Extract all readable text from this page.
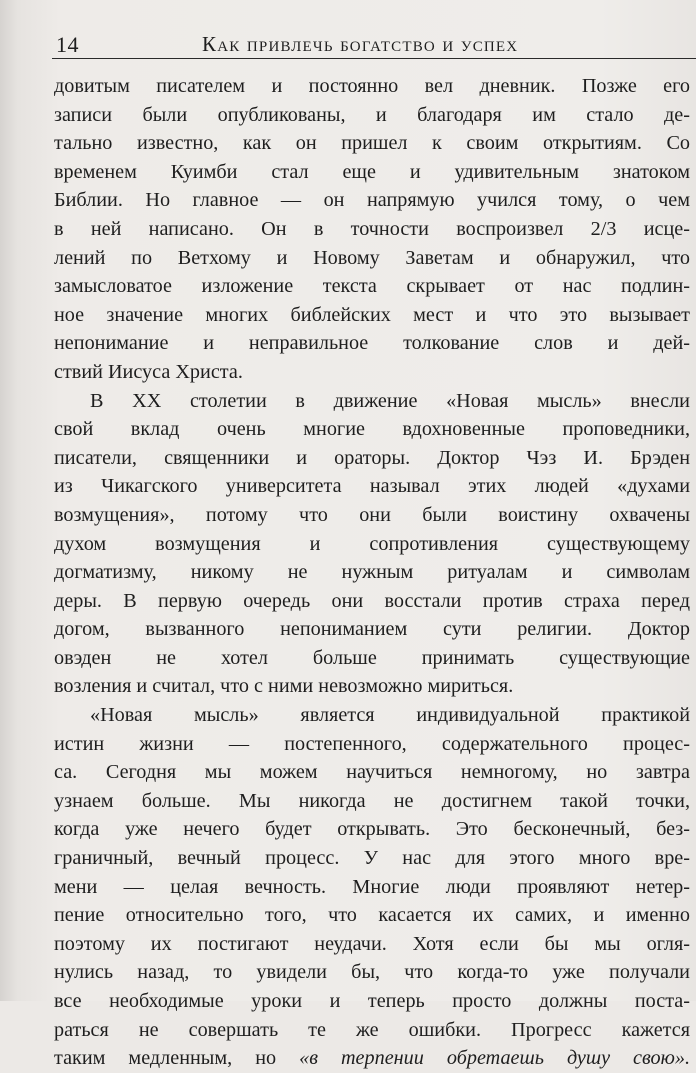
14	Как привлечь богатство и успех
довитым писателем и постоянно вел дневник. Позже его
записи были опубликованы, и благодаря им стало де-
тально известно, как он пришел к своим открытиям. Со
временем Куимби стал еще и удивительным знатоком
Библии. Но главное — он напрямую учился тому, о чем
в ней написано. Он в точности воспроизвел 2/3 исце-
лений по Ветхому и Новому Заветам и обнаружил, что
замысловатое изложение текста скрывает от нас подлин-
ное значение многих библейских мест и что это вызывает
непонимание и неправильное толкование слов и дей-
ствий Иисуса Христа.
В XX столетии в движение «Новая мысль» внесли
свой вклад очень многие вдохновенные проповедники,
писатели, священники и ораторы. Доктор Чэз И. Брэден
из Чикагского университета называл этих людей «духами
возмущения», потому что они были воистину охвачены
духом возмущения и сопротивления существующему
догматизму, никому не нужным ритуалам и символам
деры. В первую очередь они восстали против страха перед
догом, вызванного непониманием сути религии. Доктор
овэден не хотел больше принимать существующие
возления и считал, что с ними невозможно мириться.
«Новая мысль» является индивидуальной практикой
истин жизни — постепенного, содержательного процес-
са. Сегодня мы можем научиться немногому, но завтра
узнаем больше. Мы никогда не достигнем такой точки,
когда уже нечего будет открывать. Это бесконечный, без-
граничный, вечный процесс. У нас для этого много вре-
мени — целая вечность. Многие люди проявляют нетер-
пение относительно того, что касается их самих, и именно
поэтому их постигают неудачи. Хотя если бы мы огля-
нулись назад, то увидели бы, что когда-то уже получали
все необходимые уроки и теперь просто должны поста-
раться не совершать те же ошибки. Прогресс кажется
таким медленным, но «в терпении обретаешь душу свою».
